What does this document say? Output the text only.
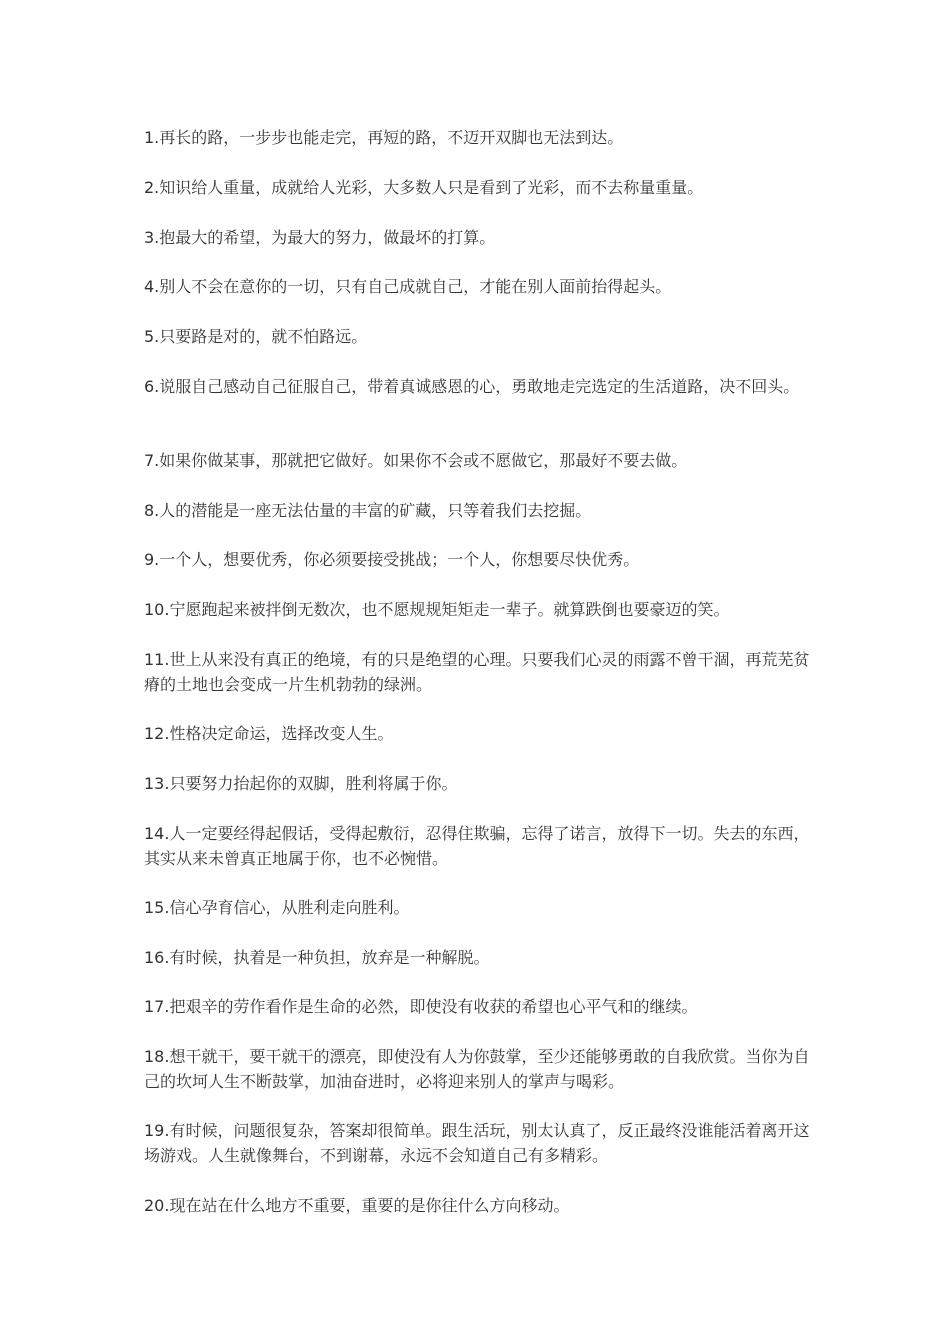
1.再长的路，一步步也能走完，再短的路，不迈开双脚也无法到达。

2.知识给人重量，成就给人光彩，大多数人只是看到了光彩，而不去称量重量。

3.抱最大的希望，为最大的努力，做最坏的打算。

4.别人不会在意你的一切，只有自己成就自己，才能在别人面前抬得起头。

5.只要路是对的，就不怕路远。

6.说服自己感动自己征服自己，带着真诚感恩的心，勇敢地走完选定的生活道路，决不回头。

7.如果你做某事，那就把它做好。如果你不会或不愿做它，那最好不要去做。

8.人的潜能是一座无法估量的丰富的矿藏，只等着我们去挖掘。

9.一个人，想要优秀，你必须要接受挑战；一个人，你想要尽快优秀。

10.宁愿跑起来被拌倒无数次，也不愿规规矩矩走一辈子。就算跌倒也要豪迈的笑。

11.世上从来没有真正的绝境，有的只是绝望的心理。只要我们心灵的雨露不曾干涸，再荒芜贫瘠的土地也会变成一片生机勃勃的绿洲。

12.性格决定命运，选择改变人生。

13.只要努力抬起你的双脚，胜利将属于你。

14.人一定要经得起假话，受得起敷衍，忍得住欺骗，忘得了诺言，放得下一切。失去的东西，其实从来未曾真正地属于你，也不必惋惜。

15.信心孕育信心，从胜利走向胜利。

16.有时候，执着是一种负担，放弃是一种解脱。

17.把艰辛的劳作看作是生命的必然，即使没有收获的希望也心平气和的继续。

18.想干就干，要干就干的漂亮，即使没有人为你鼓掌，至少还能够勇敢的自我欣赏。当你为自己的坎坷人生不断鼓掌，加油奋进时，必将迎来别人的掌声与喝彩。

19.有时候，问题很复杂，答案却很简单。跟生活玩，别太认真了，反正最终没谁能活着离开这场游戏。人生就像舞台，不到谢幕，永远不会知道自己有多精彩。

20.现在站在什么地方不重要，重要的是你往什么方向移动。
